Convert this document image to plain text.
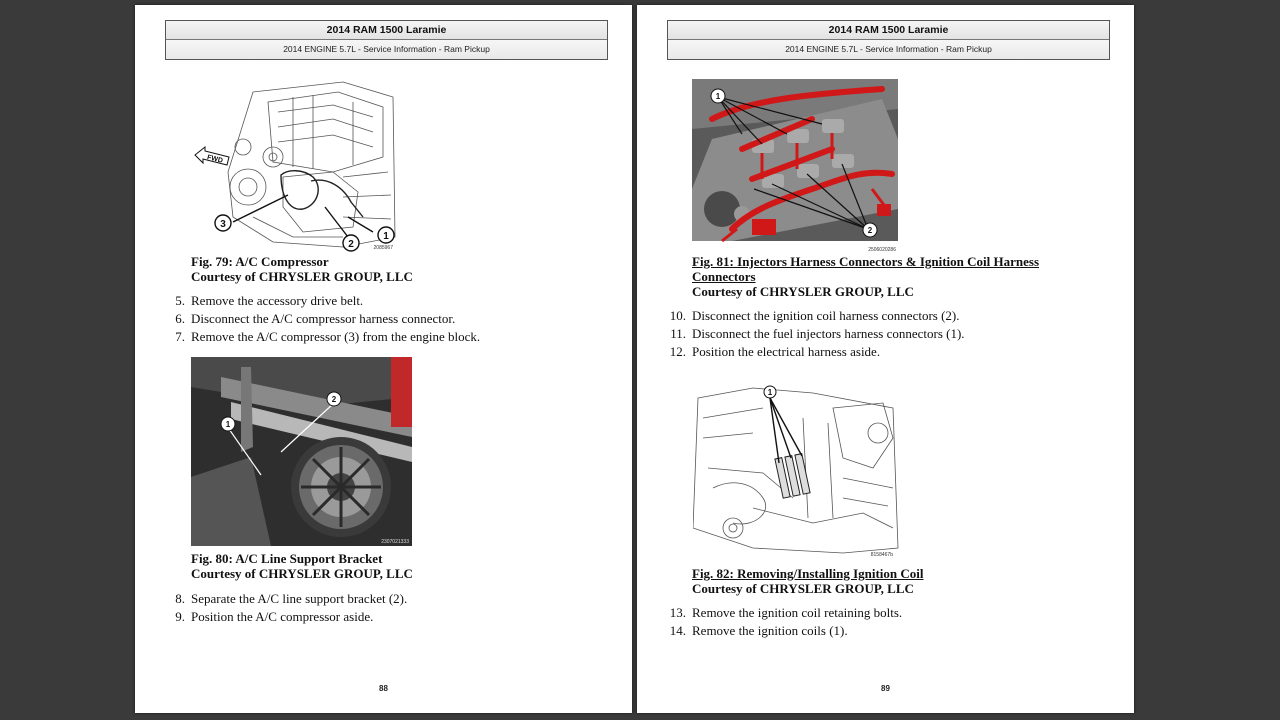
2014 RAM 1500 Laramie
2014 ENGINE 5.7L - Service Information - Ram Pickup
3
2
1
FWD
2085967
Fig. 79: A/C Compressor
Courtesy of CHRYSLER GROUP, LLC
5. Remove the accessory drive belt.
6. Disconnect the A/C compressor harness connector.
7. Remove the A/C compressor (3) from the engine block.
1
2
2307021333
Fig. 80: A/C Line Support Bracket
Courtesy of CHRYSLER GROUP, LLC
8. Separate the A/C line support bracket (2).
9. Position the A/C compressor aside.
88
2014 RAM 1500 Laramie
2014 ENGINE 5.7L - Service Information - Ram Pickup
1
2
2506020286
Fig. 81: Injectors Harness Connectors & Ignition Coil Harness
Connectors
Courtesy of CHRYSLER GROUP, LLC
10. Disconnect the ignition coil harness connectors (2).
11. Disconnect the fuel injectors harness connectors (1).
12. Position the electrical harness aside.
1
8158467b
Fig. 82: Removing/Installing Ignition Coil
Courtesy of CHRYSLER GROUP, LLC
13. Remove the ignition coil retaining bolts.
14. Remove the ignition coils (1).
89
